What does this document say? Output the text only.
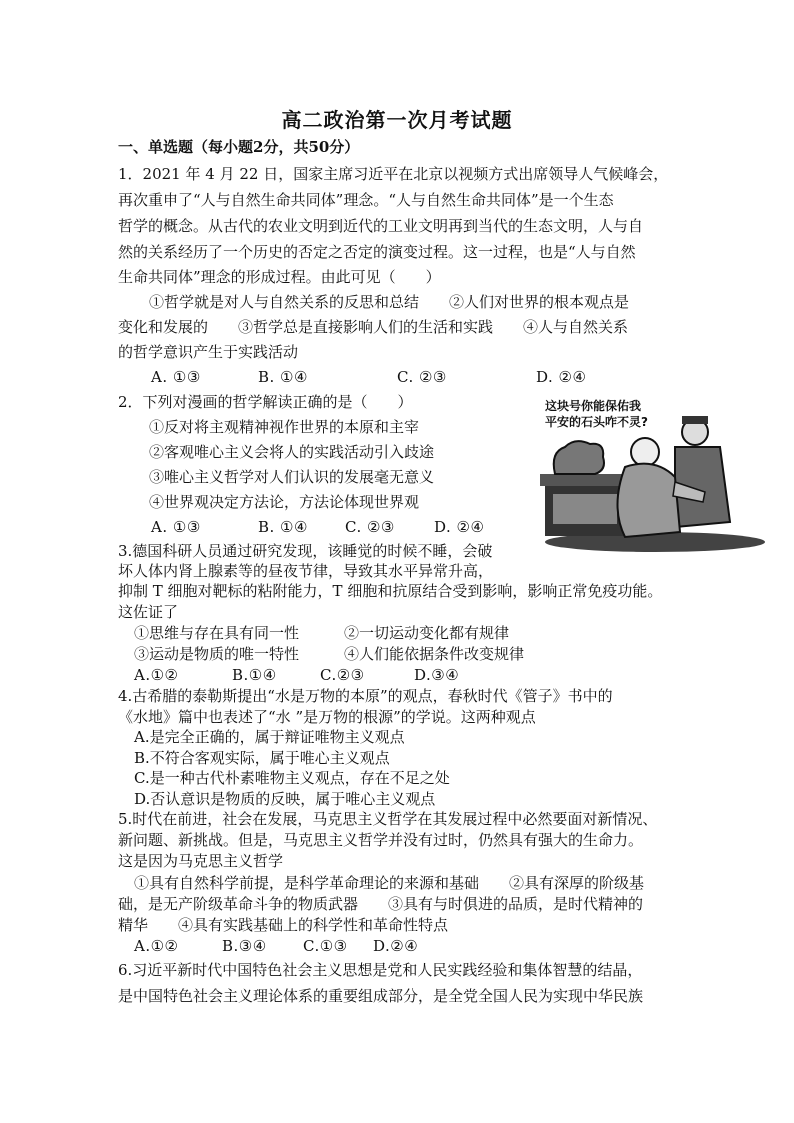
高二政治第一次月考试题
一、单选题（每小题2分，共50分）
1．2021 年 4 月 22 日，国家主席习近平在北京以视频方式出席领导人气候峰会，
再次重申了“人与自然生命共同体”理念。“人与自然生命共同体”是一个生态
哲学的概念。从古代的农业文明到近代的工业文明再到当代的生态文明，人与自
然的关系经历了一个历史的否定之否定的演变过程。这一过程，也是“人与自然
生命共同体”理念的形成过程。由此可见（　　）
①哲学就是对人与自然关系的反思和总结　　②人们对世界的根本观点是
变化和发展的　　③哲学总是直接影响人们的生活和实践　　④人与自然关系
的哲学意识产生于实践活动
A. ①③	B. ①④	C. ②③	D. ②④
2．下列对漫画的哲学解读正确的是（　　）
①反对将主观精神视作世界的本原和主宰
②客观唯心主义会将人的实践活动引入歧途
③唯心主义哲学对人们认识的发展毫无意义
④世界观决定方法论，方法论体现世界观
A. ①③	B. ①④ C. ②③	D. ②④
这块号你能保佑我
平安的石头咋不灵?
3.德国科研人员通过研究发现，该睡觉的时候不睡，会破
坏人体内肾上腺素等的昼夜节律，导致其水平异常升高，
抑制 T 细胞对靶标的粘附能力，T 细胞和抗原结合受到影响，影响正常免疫功能。
这佐证了
①思维与存在具有同一性　　　②一切运动变化都有规律
③运动是物质的唯一特性　　　④人们能依据条件改变规律
A.①②	B.①④	C.②③	D.③④
4.古希腊的泰勒斯提出“水是万物的本原”的观点，春秋时代《管子》书中的
《水地》篇中也表述了“水 ”是万物的根源”的学说。这两种观点
A.是完全正确的，属于辩证唯物主义观点
B.不符合客观实际，属于唯心主义观点
C.是一种古代朴素唯物主义观点，存在不足之处
D.否认意识是物质的反映，属于唯心主义观点
5.时代在前进，社会在发展，马克思主义哲学在其发展过程中必然要面对新情况、
新问题、新挑战。但是，马克思主义哲学并没有过时，仍然具有强大的生命力。
这是因为马克思主义哲学
①具有自然科学前提，是科学革命理论的来源和基础　　②具有深厚的阶级基
础，是无产阶级革命斗争的物质武器　　③具有与时俱进的品质，是时代精神的
精华　　④具有实践基础上的科学性和革命性特点
A.①②	B.③④ C.①③ D.②④
6.习近平新时代中国特色社会主义思想是党和人民实践经验和集体智慧的结晶，
是中国特色社会主义理论体系的重要组成部分，是全党全国人民为实现中华民族
